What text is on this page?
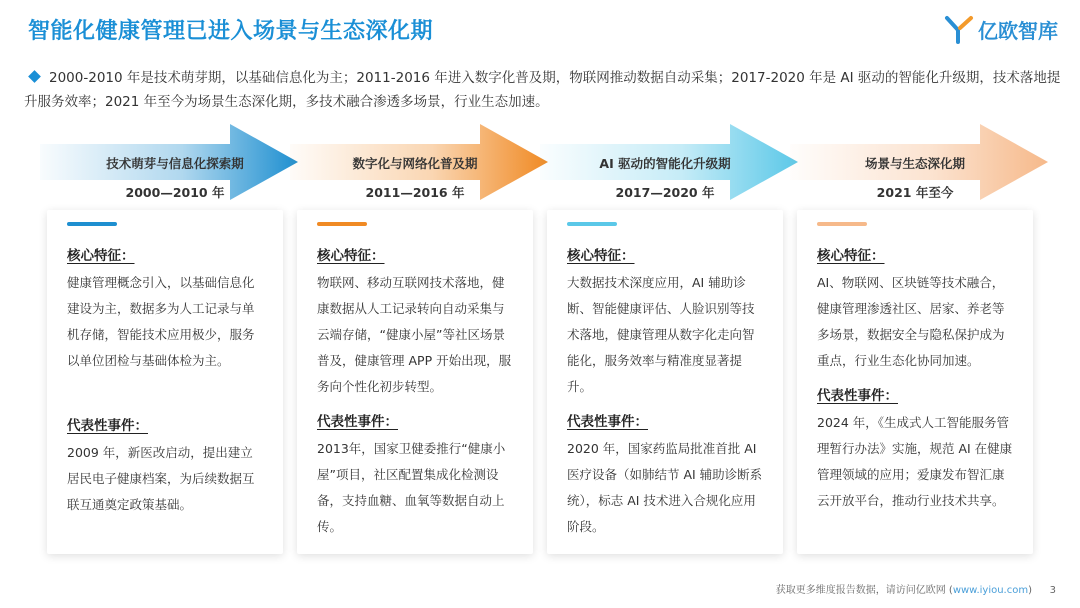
智能化健康管理已进入场景与生态深化期	亿欧智库
2000-2010 年是技术萌芽期，以基础信息化为主；2011-2016 年进入数字化普及期，物联网推动数据自动采集；2017-2020 年是 AI 驱动的智能化升级期，技术落地提升服务效率；2021 年至今为场景生态深化期，多技术融合渗透多场景，行业生态加速。
技术萌芽与信息化探索期
2000—2010 年
数字化与网络化普及期
2011—2016 年
AI 驱动的智能化升级期
2017—2020 年
场景与生态深化期
2021 年至今
核心特征：

健康管理概念引入，以基础信息化建设为主，数据多为人工记录与单机存储，智能技术应用极少，服务以单位团检与基础体检为主。

代表性事件：

2009 年，新医改启动，提出建立居民电子健康档案，为后续数据互联互通奠定政策基础。

核心特征：

物联网、移动互联网技术落地，健康数据从人工记录转向自动采集与云端存储，“健康小屋”等社区场景普及，健康管理 APP 开始出现，服务向个性化初步转型。

代表性事件：

2013年，国家卫健委推行“健康小屋”项目，社区配置集成化检测设备，支持血糖、血氧等数据自动上传。

核心特征：

大数据技术深度应用，AI 辅助诊断、智能健康评估、人脸识别等技术落地，健康管理从数字化走向智能化，服务效率与精准度显著提升。

代表性事件：

2020 年，国家药监局批准首批 AI 医疗设备（如肺结节 AI 辅助诊断系统），标志 AI 技术进入合规化应用阶段。

核心特征：

AI、物联网、区块链等技术融合，健康管理渗透社区、居家、养老等多场景，数据安全与隐私保护成为重点，行业生态化协同加速。

代表性事件：

2024 年，《生成式人工智能服务管理暂行办法》实施，规范 AI 在健康管理领域的应用；爱康发布智汇康云开放平台，推动行业技术共享。

获取更多维度报告数据，请访问亿欧网 (www.iyiou.com) 3
